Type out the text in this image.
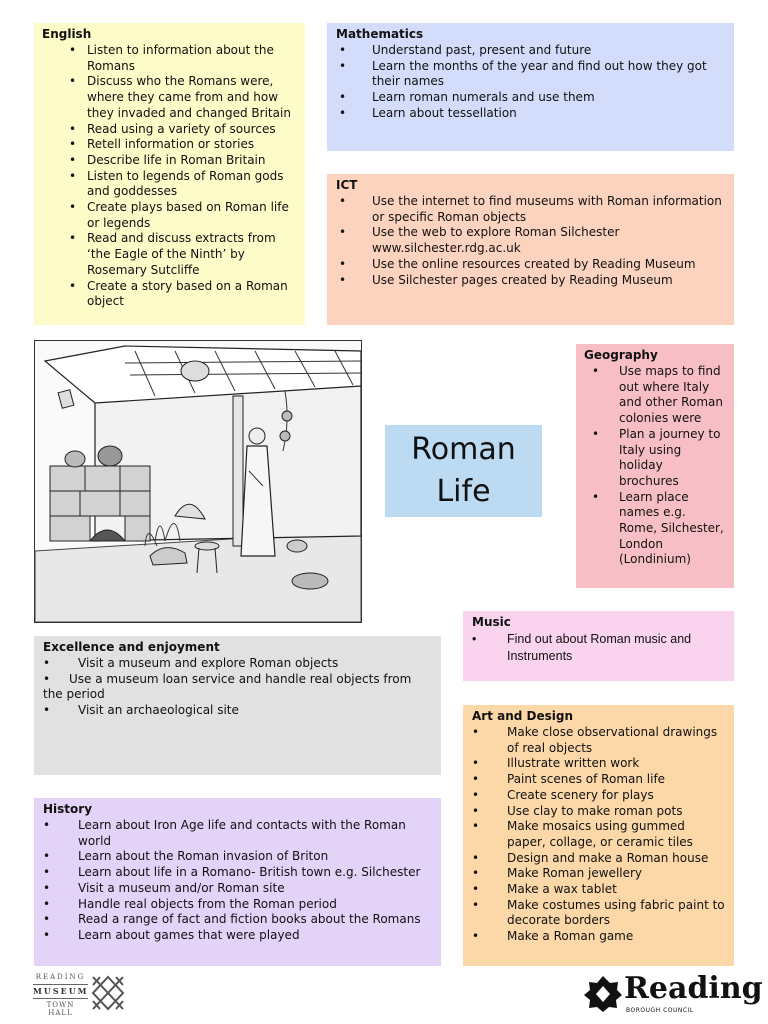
English
• Listen to information about the Romans
• Discuss who the Romans were, where they came from and how they invaded and changed Britain
• Read using a variety of sources
• Retell information or stories
• Describe life in Roman Britain
• Listen to legends of Roman gods and goddesses
• Create plays based on Roman life or legends
• Read and discuss extracts from ‘the Eagle of the Ninth’ by Rosemary Sutcliffe
• Create a story based on a Roman object
Mathematics
• Understand past, present and future
• Learn the months of the year and find out how they got their names
• Learn roman numerals and use them
• Learn about tessellation
ICT
• Use the internet to find museums with Roman information or specific Roman objects
• Use the web to explore Roman Silchester www.silchester.rdg.ac.uk
• Use the online resources created by Reading Museum
• Use Silchester pages created by Reading Museum
Roman
Life
Geography
• Use maps to find out where Italy and other Roman colonies were
• Plan a journey to Italy using holiday brochures
• Learn place names e.g. Rome, Silchester, London (Londinium)
Music
• Find out about Roman music and Instruments
Excellence and enjoyment
• Visit a museum and explore Roman objects
• Use a museum loan service and handle real objects from the period
• Visit an archaeological site
History
• Learn about Iron Age life and contacts with the Roman world
• Learn about the Roman invasion of Briton
• Learn about life in a Romano- British town e.g. Silchester
• Visit a museum and/or Roman site
• Handle real objects from the Roman period
• Read a range of fact and fiction books about the Romans
• Learn about games that were played
Art and Design
• Make close observational drawings of real objects
• Illustrate written work
• Paint scenes of Roman life
• Create scenery for plays
• Use clay to make roman pots
• Make mosaics using gummed paper, collage, or ceramic tiles
• Design and make a Roman house
• Make Roman jewellery
• Make a wax tablet
• Make costumes using fabric paint to decorate borders
• Make a Roman game
READING
MUSEUM
TOWN HALL
Reading
BOROUGH COUNCIL
